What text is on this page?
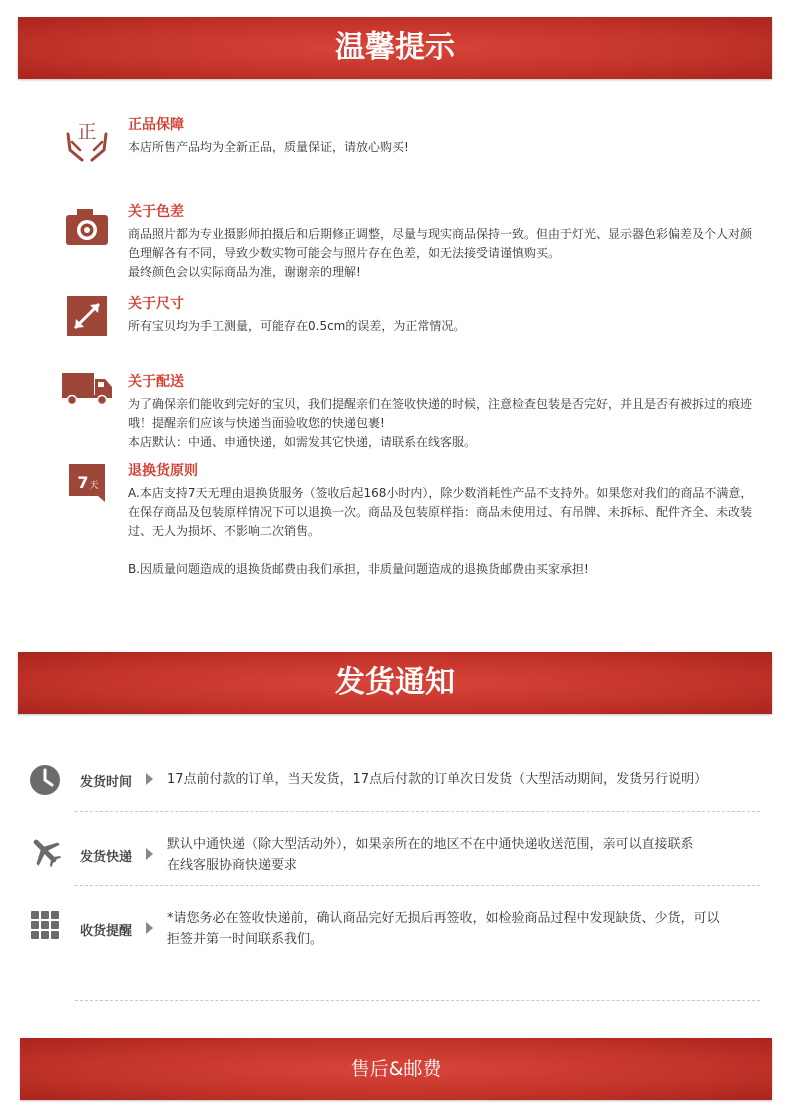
温馨提示
正 正品保障

本店所售产品均为全新正品，质量保证，请放心购买!

关于色差

商品照片都为专业摄影师拍摄后和后期修正调整，尽量与现实商品保持一致。但由于灯光、显示器色彩偏差及个人对颜色理解各有不同，导致少数实物可能会与照片存在色差，如无法接受请谨慎购买。

最终颜色会以实际商品为准，谢谢亲的理解!

关于尺寸

所有宝贝均为手工测量，可能存在0.5cm的误差，为正常情况。

关于配送

为了确保亲们能收到完好的宝贝，我们提醒亲们在签收快递的时候，注意检查包装是否完好，并且是否有被拆过的痕迹哦！提醒亲们应该与快递当面验收您的快递包裹!

本店默认：中通、申通快递，如需发其它快递，请联系在线客服。

7 天
退换货原则

A.本店支持7天无理由退换货服务（签收后起168小时内），除少数消耗性产品不支持外。如果您对我们的商品不满意，在保存商品及包装原样情况下可以退换一次。商品及包装原样指：商品未使用过、有吊牌、未拆标、配件齐全、未改装过、无人为损坏、不影响二次销售。

B.因质量问题造成的退换货邮费由我们承担，非质量问题造成的退换货邮费由买家承担!

发货通知
发货时间	17点前付款的订单，当天发货，17点后付款的订单次日发货（大型活动期间，发货另行说明）

发货快递

默认中通快递（除大型活动外），如果亲所在的地区不在中通快递收送范围，亲可以直接联系

在线客服协商快递要求

收货提醒

*请您务必在签收快递前，确认商品完好无损后再签收，如检验商品过程中发现缺货、少货，可以

拒签并第一时间联系我们。

售后&邮费
